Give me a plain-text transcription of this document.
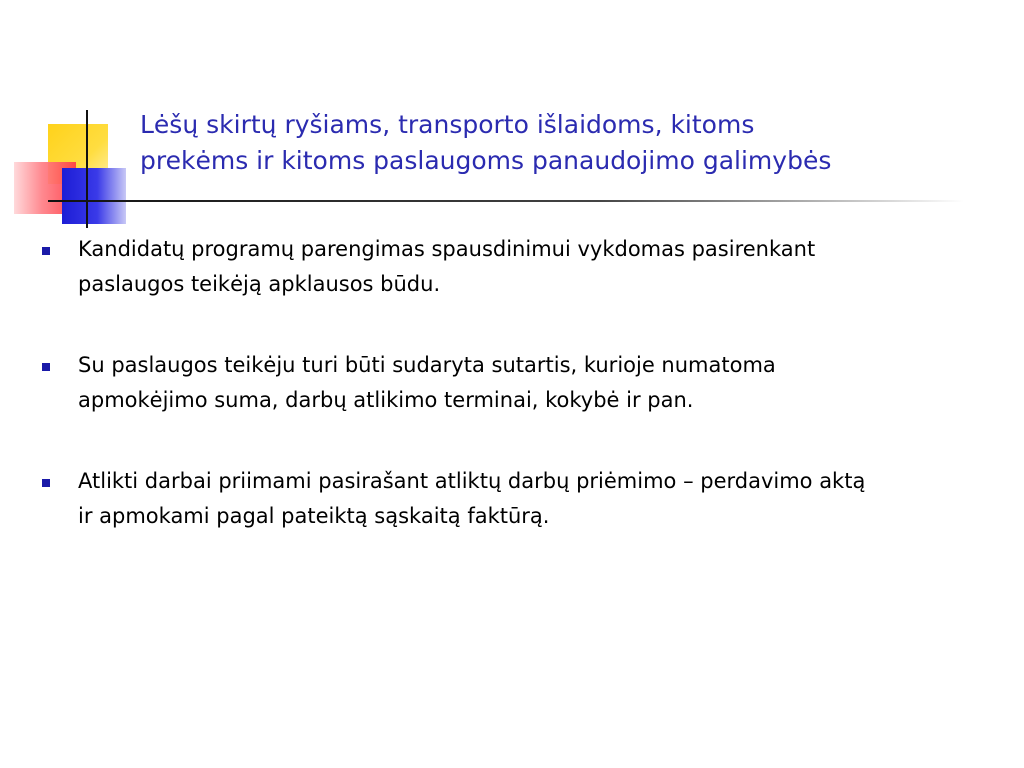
Lėšų skirtų ryšiams, transporto išlaidoms, kitoms
prekėms ir kitoms paslaugoms panaudojimo galimybės
Kandidatų programų parengimas spausdinimui vykdomas pasirenkant
paslaugos teikėją apklausos būdu.
Su paslaugos teikėju turi būti sudaryta sutartis, kurioje numatoma
apmokėjimo suma, darbų atlikimo terminai, kokybė ir pan.
Atlikti darbai priimami pasirašant atliktų darbų priėmimo – perdavimo aktą
ir apmokami pagal pateiktą sąskaitą faktūrą.
